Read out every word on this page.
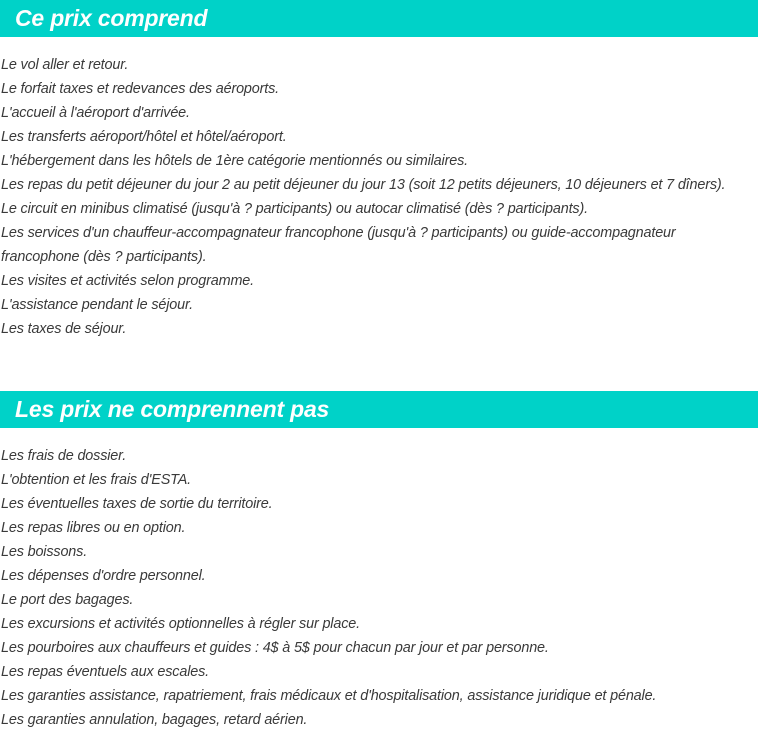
Ce prix comprend
Le vol aller et retour.
Le forfait taxes et redevances des aéroports.
L'accueil à l'aéroport d'arrivée.
Les transferts aéroport/hôtel et hôtel/aéroport.
L'hébergement dans les hôtels de 1ère catégorie mentionnés ou similaires.
Les repas du petit déjeuner du jour 2 au petit déjeuner du jour 13 (soit 12 petits déjeuners, 10 déjeuners et 7 dîners).
Le circuit en minibus climatisé (jusqu'à ? participants) ou autocar climatisé (dès ? participants).
Les services d'un chauffeur-accompagnateur francophone (jusqu'à ? participants) ou guide-accompagnateur francophone (dès ? participants).
Les visites et activités selon programme.
L'assistance pendant le séjour.
Les taxes de séjour.
Les prix ne comprennent pas
Les frais de dossier.
L'obtention et les frais d'ESTA.
Les éventuelles taxes de sortie du territoire.
Les repas libres ou en option.
Les boissons.
Les dépenses d'ordre personnel.
Le port des bagages.
Les excursions et activités optionnelles à régler sur place.
Les pourboires aux chauffeurs et guides : 4$ à 5$ pour chacun par jour et par personne.
Les repas éventuels aux escales.
Les garanties assistance, rapatriement, frais médicaux et d'hospitalisation, assistance juridique et pénale.
Les garanties annulation, bagages, retard aérien.
